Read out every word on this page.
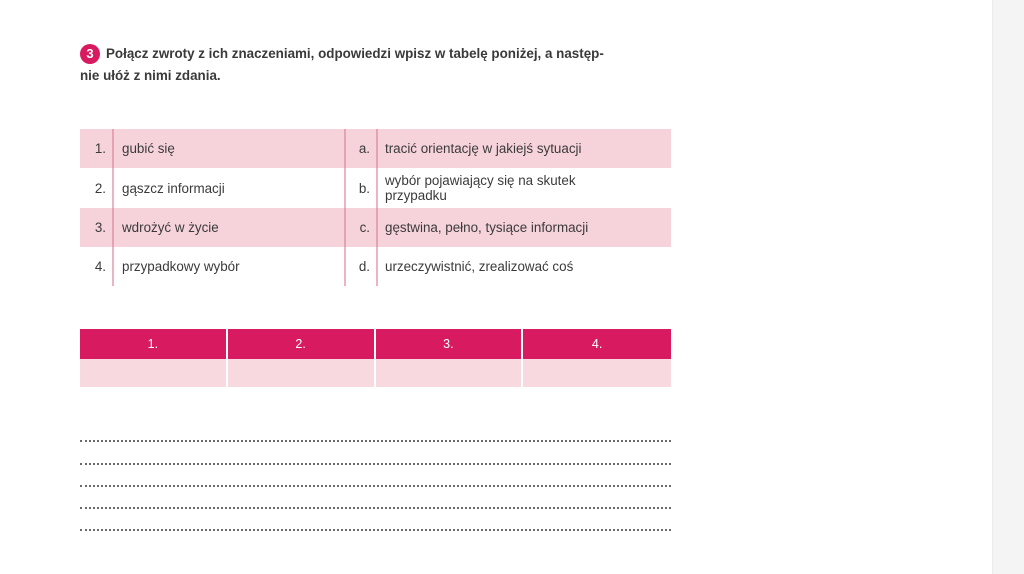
3 Połącz zwroty z ich znaczeniami, odpowiedzi wpisz w tabelę poniżej, a następ-
nie ułóż z nimi zdania.
1.	gubić się	a.	tracić orientację w jakiejś sytuacji
2.	gąszcz informacji	b.	wybór pojawiający się na skutek
przypadku
3.	wdrożyć w życie	c.	gęstwina, pełno, tysiące informacji
4.	przypadkowy wybór	d.	urzeczywistnić, zrealizować coś
1.	2.	3.	4.
